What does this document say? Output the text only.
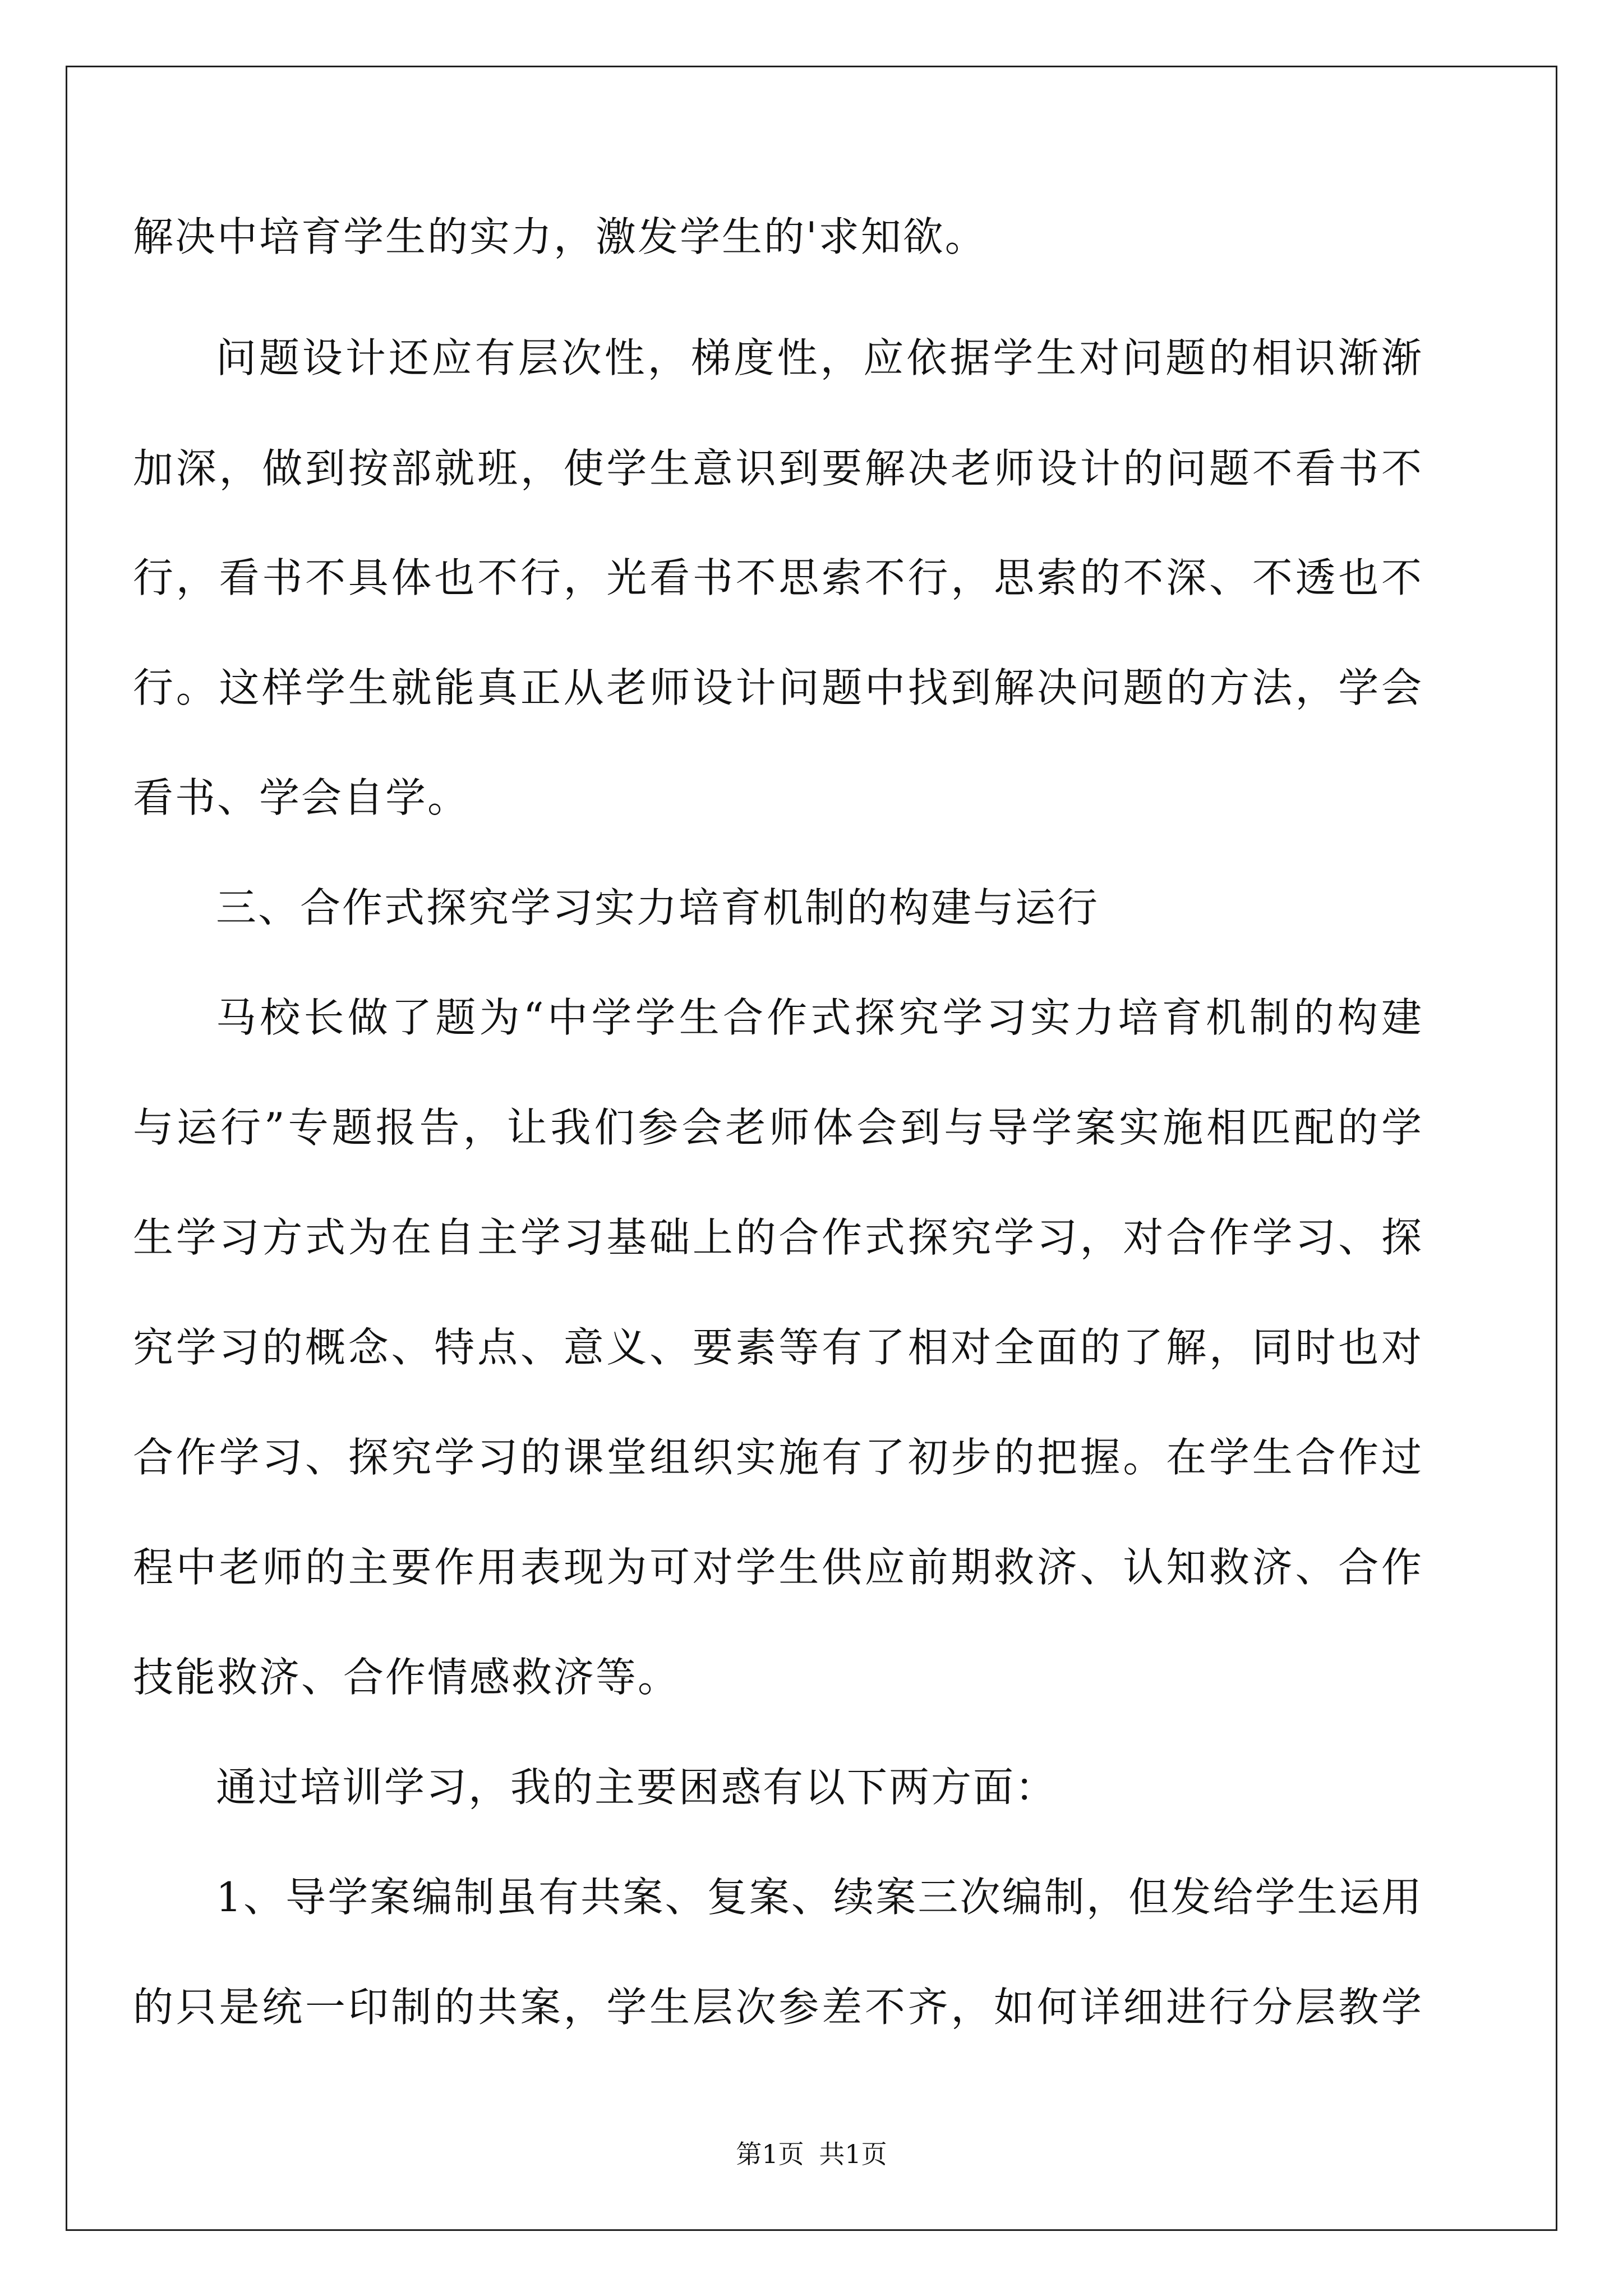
解决中培育学生的实力，激发学生的'求知欲。
问题设计还应有层次性，梯度性，应依据学生对问题的相识渐渐
加深，做到按部就班，使学生意识到要解决老师设计的问题不看书不
行，看书不具体也不行，光看书不思索不行，思索的不深、不透也不
行。这样学生就能真正从老师设计问题中找到解决问题的方法，学会
看书、学会自学。
三、合作式探究学习实力培育机制的构建与运行
马校长做了题为“中学学生合作式探究学习实力培育机制的构建
与运行”专题报告，让我们参会老师体会到与导学案实施相匹配的学
生学习方式为在自主学习基础上的合作式探究学习，对合作学习、探
究学习的概念、特点、意义、要素等有了相对全面的了解，同时也对
合作学习、探究学习的课堂组织实施有了初步的把握。在学生合作过
程中老师的主要作用表现为可对学生供应前期救济、认知救济、合作
技能救济、合作情感救济等。
通过培训学习，我的主要困惑有以下两方面：
1、导学案编制虽有共案、复案、续案三次编制，但发给学生运用
的只是统一印制的共案，学生层次参差不齐，如何详细进行分层教学
第1页 共1页
